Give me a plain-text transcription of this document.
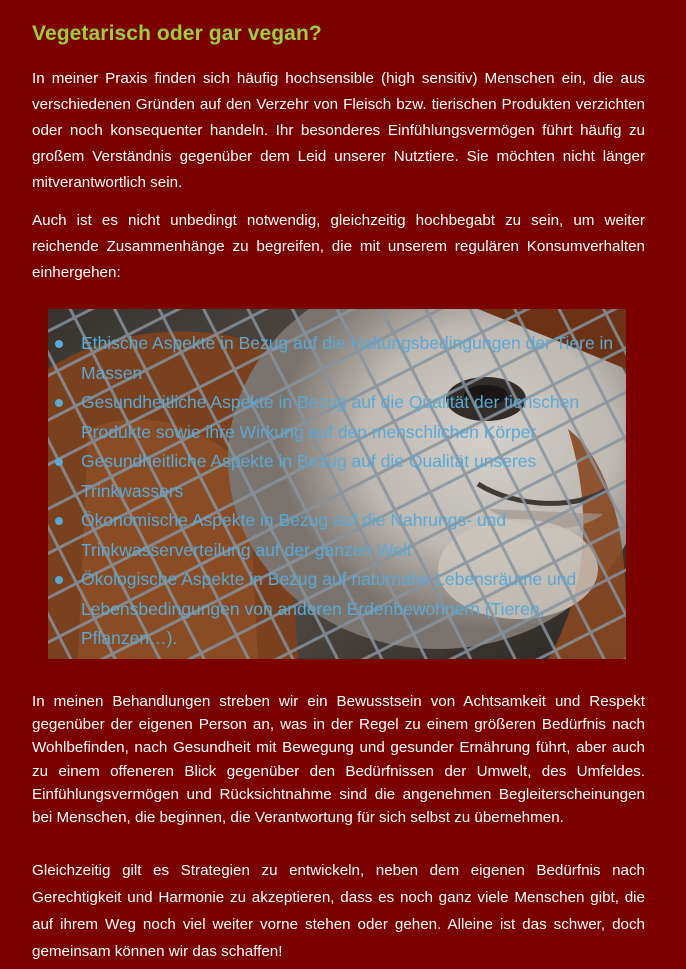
Vegetarisch oder gar vegan?
In meiner Praxis finden sich häufig hochsensible (high sensitiv) Menschen ein, die aus verschiedenen Gründen auf den Verzehr von Fleisch bzw. tierischen Produkten verzichten oder noch konsequenter handeln. Ihr besonderes Einfühlungsvermögen führt häufig zu großem Verständnis gegenüber dem Leid unserer Nutztiere. Sie möchten nicht länger mitverantwortlich sein.
Auch ist es nicht unbedingt notwendig, gleichzeitig hochbegabt zu sein, um weiter reichende Zusammenhänge zu begreifen, die mit unserem regulären Konsumverhalten einhergehen:
Ethische Aspekte in Bezug auf die Haltungsbedingungen der Tiere in Massen
Gesundheitliche Aspekte in Bezug auf die Qualität der tierischen Produkte sowie ihre Wirkung auf den menschlichen Körper
Gesundheitliche Aspekte in Bezug auf die Qualität unseres Trinkwassers
Ökonomische Aspekte in Bezug auf die Nahrungs- und Trinkwasserverteilung auf der ganzen Welt
Ökologische Aspekte in Bezug auf naturnahe Lebensräume und Lebensbedingungen von anderen Erdenbewohnern (Tieren, Pflanzen…).
In meinen Behandlungen streben wir ein Bewusstsein von Achtsamkeit und Respekt gegenüber der eigenen Person an, was in der Regel zu einem größeren Bedürfnis nach Wohlbefinden, nach Gesundheit mit Bewegung und gesunder Ernährung führt, aber auch zu einem offeneren Blick gegenüber den Bedürfnissen der Umwelt, des Umfeldes. Einfühlungsvermögen und Rücksichtnahme sind die angenehmen Begleiterscheinungen bei Menschen, die beginnen, die Verantwortung für sich selbst zu übernehmen.
Gleichzeitig gilt es Strategien zu entwickeln, neben dem eigenen Bedürfnis nach Gerechtigkeit und Harmonie zu akzeptieren, dass es noch ganz viele Menschen gibt, die auf ihrem Weg noch viel weiter vorne stehen oder gehen. Alleine ist das schwer, doch gemeinsam können wir das schaffen!
